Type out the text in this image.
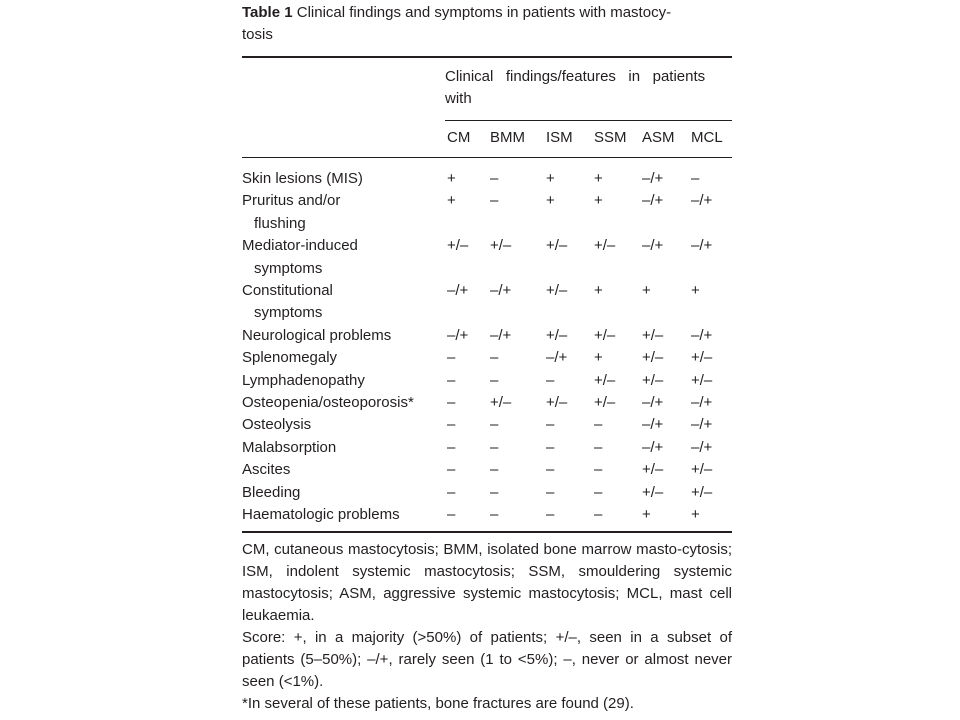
Table 1 Clinical findings and symptoms in patients with mastocy-
tosis
	Clinical   findings/features   in   patients
with
	CM	BMM	ISM	SSM	ASM	MCL
Skin lesions (MIS)	+	–	+	+	–/+	–

Pruritus and/or
flushing	+	–	+	+	–/+	–/+

Mediator-induced
symptoms	+/–	+/–	+/–	+/–	–/+	–/+

Constitutional
symptoms	–/+	–/+	+/–	+	+	+

Neurological problems	–/+	–/+	+/–	+/–	+/–	–/+

Splenomegaly	–	–	–/+	+	+/–	+/–

Lymphadenopathy	–	–	–	+/–	+/–	+/–

Osteopenia/osteoporosis*	–	+/–	+/–	+/–	–/+	–/+

Osteolysis	–	–	–	–	–/+	–/+

Malabsorption	–	–	–	–	–/+	–/+

Ascites	–	–	–	–	+/–	+/–

Bleeding	–	–	–	–	+/–	+/–

Haematologic problems	–	–	–	–	+	+

CM, cutaneous mastocytosis; BMM, isolated bone marrow masto-cytosis; ISM, indolent systemic mastocytosis; SSM, smouldering systemic mastocytosis; ASM, aggressive systemic mastocytosis; MCL, mast cell leukaemia.

Score: +, in a majority (>50%) of patients; +/–, seen in a subset of patients (5–50%); –/+, rarely seen (1 to <5%); –, never or almost never seen (<1%).

*In several of these patients, bone fractures are found (29).
